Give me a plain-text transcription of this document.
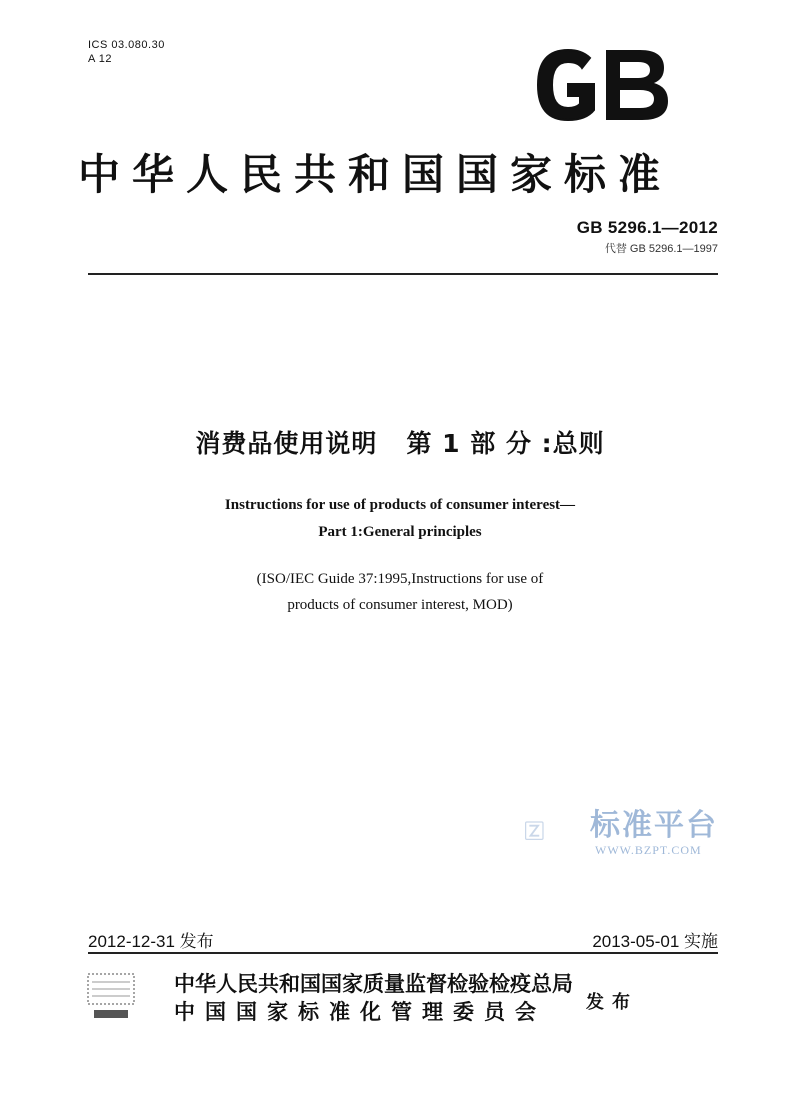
ICS 03.080.30
A 12
中华人民共和国国家标准
GB 5296.1—2012
代替 GB 5296.1—1997
消费品使用说明   第 1 部 分 :总则
Instructions for use of products of consumer interest—
Part 1:General principles
(ISO/IEC Guide 37:1995,Instructions for use of
products of consumer interest, MOD)
标准平台
WWW.BZPT.COM
2012-12-31 发布	2013-05-01 实施
中华人民共和国国家质量监督检验检疫总局
中国国家标准化管理委员会	发布
